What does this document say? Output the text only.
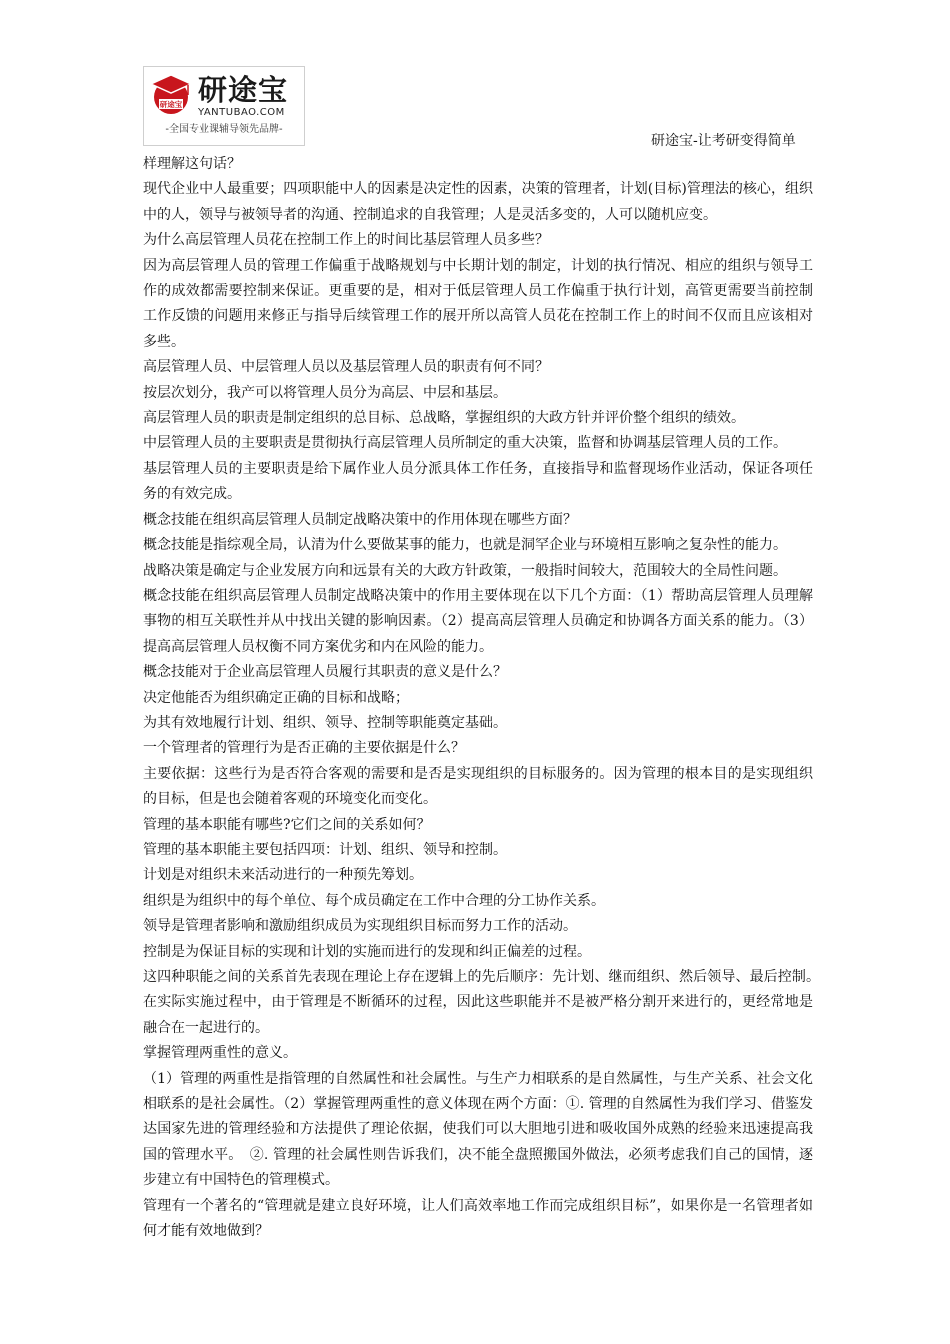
研途宝 研途宝
YANTUBAO.COM
-全国专业课辅导领先品牌-
研途宝-让考研变得简单

样理解这句话？

现代企业中人最重要；四项职能中人的因素是决定性的因素，决策的管理者，计划(目标)管理法的核心，组织中的人，领导与被领导者的沟通、控制追求的自我管理；人是灵活多变的，人可以随机应变。

为什么高层管理人员花在控制工作上的时间比基层管理人员多些？

因为高层管理人员的管理工作偏重于战略规划与中长期计划的制定，计划的执行情况、相应的组织与领导工作的成效都需要控制来保证。更重要的是，相对于低层管理人员工作偏重于执行计划，高管更需要当前控制工作反馈的问题用来修正与指导后续管理工作的展开所以高管人员花在控制工作上的时间不仅而且应该相对多些。

高层管理人员、中层管理人员以及基层管理人员的职责有何不同？

按层次划分，我产可以将管理人员分为高层、中层和基层。

高层管理人员的职责是制定组织的总目标、总战略，掌握组织的大政方针并评价整个组织的绩效。

中层管理人员的主要职责是贯彻执行高层管理人员所制定的重大决策，监督和协调基层管理人员的工作。

基层管理人员的主要职责是给下属作业人员分派具体工作任务，直接指导和监督现场作业活动，保证各项任务的有效完成。

概念技能在组织高层管理人员制定战略决策中的作用体现在哪些方面？

概念技能是指综观全局，认清为什么要做某事的能力，也就是洞罕企业与环境相互影响之复杂性的能力。

战略决策是确定与企业发展方向和远景有关的大政方针政策，一般指时间较大，范围较大的全局性问题。

概念技能在组织高层管理人员制定战略决策中的作用主要体现在以下几个方面：（1）帮助高层管理人员理解事物的相互关联性并从中找出关键的影响因素。（2）提高高层管理人员确定和协调各方面关系的能力。（3）提高高层管理人员权衡不同方案优劣和内在风险的能力。

概念技能对于企业高层管理人员履行其职责的意义是什么？

决定他能否为组织确定正确的目标和战略；

为其有效地履行计划、组织、领导、控制等职能奠定基础。

一个管理者的管理行为是否正确的主要依据是什么？

主要依据：这些行为是否符合客观的需要和是否是实现组织的目标服务的。因为管理的根本目的是实现组织的目标，但是也会随着客观的环境变化而变化。

管理的基本职能有哪些?它们之间的关系如何？

管理的基本职能主要包括四项：计划、组织、领导和控制。

计划是对组织未来活动进行的一种预先筹划。

组织是为组织中的每个单位、每个成员确定在工作中合理的分工协作关系。

领导是管理者影响和激励组织成员为实现组织目标而努力工作的活动。

控制是为保证目标的实现和计划的实施而进行的发现和纠正偏差的过程。

这四种职能之间的关系首先表现在理论上存在逻辑上的先后顺序：先计划、继而组织、然后领导、最后控制。　在实际实施过程中，由于管理是不断循环的过程，因此这些职能并不是被严格分割开来进行的，更经常地是融合在一起进行的。

掌握管理两重性的意义。

（1）管理的两重性是指管理的自然属性和社会属性。与生产力相联系的是自然属性，与生产关系、社会文化相联系的是社会属性。（2）掌握管理两重性的意义体现在两个方面：①. 管理的自然属性为我们学习、借鉴发达国家先进的管理经验和方法提供了理论依据，使我们可以大胆地引进和吸收国外成熟的经验来迅速提高我国的管理水平。　②. 管理的社会属性则告诉我们，决不能全盘照搬国外做法，必须考虑我们自己的国情，逐步建立有中国特色的管理模式。

管理有一个著名的“管理就是建立良好环境，让人们高效率地工作而完成组织目标”，如果你是一名管理者如何才能有效地做到？
